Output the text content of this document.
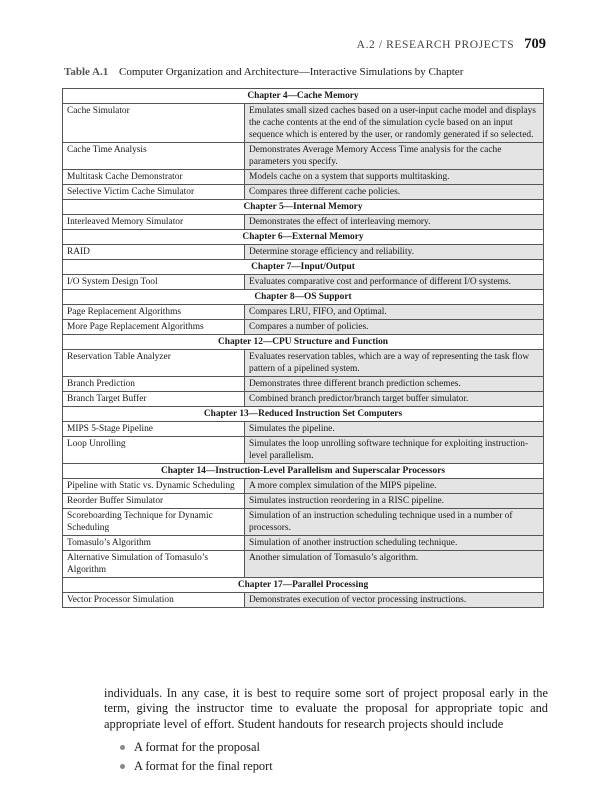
A.2 / RESEARCH PROJECTS 709
Table A.1 Computer Organization and Architecture—Interactive Simulations by Chapter
Chapter 4—Cache Memory	
Cache Simulator	Emulates small sized caches based on a user-input cache model and displays the cache contents at the end of the simulation cycle based on an input sequence which is entered by the user, or randomly generated if so selected.
Cache Time Analysis	Demonstrates Average Memory Access Time analysis for the cache parameters you specify.
Multitask Cache Demonstrator	Models cache on a system that supports multitasking.
Selective Victim Cache Simulator	Compares three different cache policies.
Chapter 5—Internal Memory	
Interleaved Memory Simulator	Demonstrates the effect of interleaving memory.
Chapter 6—External Memory	
RAID	Determine storage efficiency and reliability.
Chapter 7—Input/Output	
I/O System Design Tool	Evaluates comparative cost and performance of different I/O systems.
Chapter 8—OS Support	
Page Replacement Algorithms	Compares LRU, FIFO, and Optimal.
More Page Replacement Algorithms	Compares a number of policies.
Chapter 12—CPU Structure and Function	
Reservation Table Analyzer	Evaluates reservation tables, which are a way of representing the task flow pattern of a pipelined system.
Branch Prediction	Demonstrates three different branch prediction schemes.
Branch Target Buffer	Combined branch predictor/branch target buffer simulator.
Chapter 13—Reduced Instruction Set Computers	
MIPS 5-Stage Pipeline	Simulates the pipeline.
Loop Unrolling	Simulates the loop unrolling software technique for exploiting instruction-level parallelism.
Chapter 14—Instruction-Level Parallelism and Superscalar Processors	
Pipeline with Static vs. Dynamic Scheduling	A more complex simulation of the MIPS pipeline.
Reorder Buffer Simulator	Simulates instruction reordering in a RISC pipeline.
Scoreboarding Technique for Dynamic Scheduling	Simulation of an instruction scheduling technique used in a number of processors.
Tomasulo’s Algorithm	Simulation of another instruction scheduling technique.
Alternative Simulation of Tomasulo’s Algorithm	Another simulation of Tomasulo’s algorithm.
Chapter 17—Parallel Processing	
Vector Processor Simulation	Demonstrates execution of vector processing instructions.
individuals. In any case, it is best to require some sort of project proposal early in the term, giving the instructor time to evaluate the proposal for appropriate topic and appropriate level of effort. Student handouts for research projects should include
A format for the proposal
A format for the final report
